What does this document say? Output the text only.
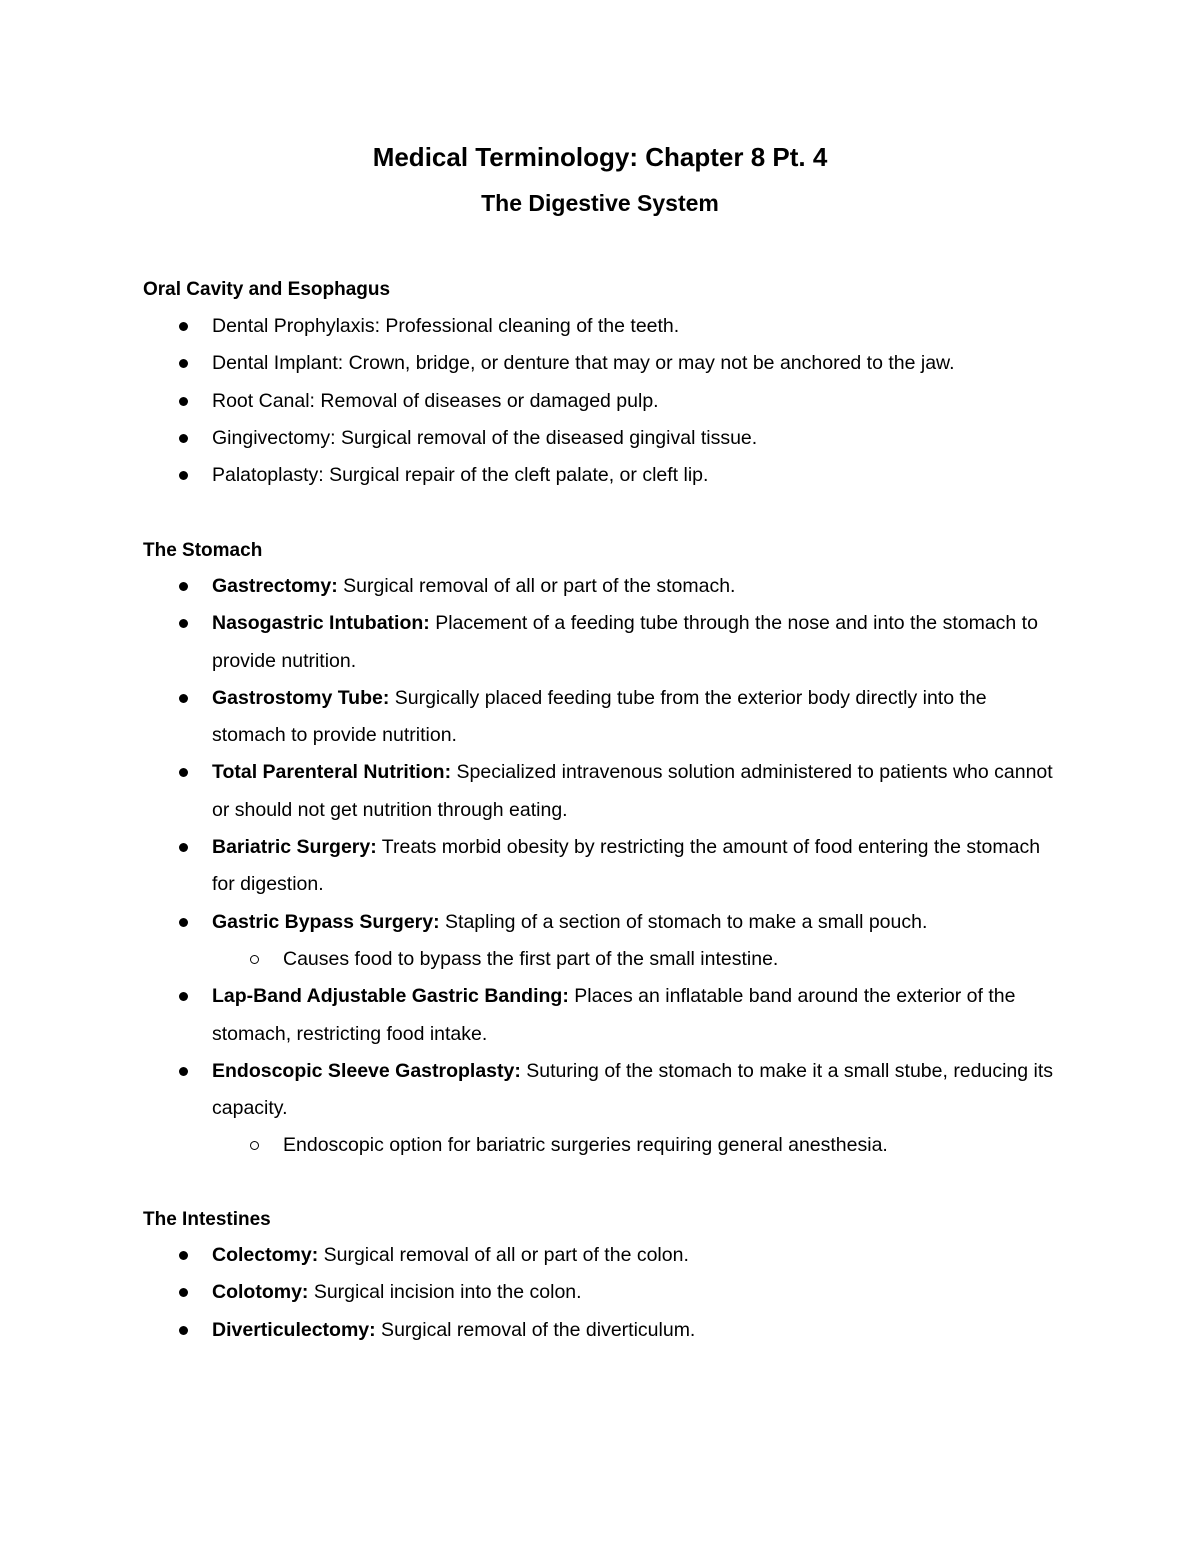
Medical Terminology: Chapter 8 Pt. 4
The Digestive System
Oral Cavity and Esophagus
Dental Prophylaxis: Professional cleaning of the teeth.
Dental Implant: Crown, bridge, or denture that may or may not be anchored to the jaw.
Root Canal: Removal of diseases or damaged pulp.
Gingivectomy: Surgical removal of the diseased gingival tissue.
Palatoplasty: Surgical repair of the cleft palate, or cleft lip.
The Stomach
Gastrectomy: Surgical removal of all or part of the stomach.
Nasogastric Intubation: Placement of a feeding tube through the nose and into the stomach to provide nutrition.
Gastrostomy Tube: Surgically placed feeding tube from the exterior body directly into the stomach to provide nutrition.
Total Parenteral Nutrition: Specialized intravenous solution administered to patients who cannot or should not get nutrition through eating.
Bariatric Surgery: Treats morbid obesity by restricting the amount of food entering the stomach for digestion.
Gastric Bypass Surgery: Stapling of a section of stomach to make a small pouch.
Causes food to bypass the first part of the small intestine.
Lap-Band Adjustable Gastric Banding: Places an inflatable band around the exterior of the stomach, restricting food intake.
Endoscopic Sleeve Gastroplasty: Suturing of the stomach to make it a small stube, reducing its capacity.
Endoscopic option for bariatric surgeries requiring general anesthesia.
The Intestines
Colectomy: Surgical removal of all or part of the colon.
Colotomy: Surgical incision into the colon.
Diverticulectomy: Surgical removal of the diverticulum.
